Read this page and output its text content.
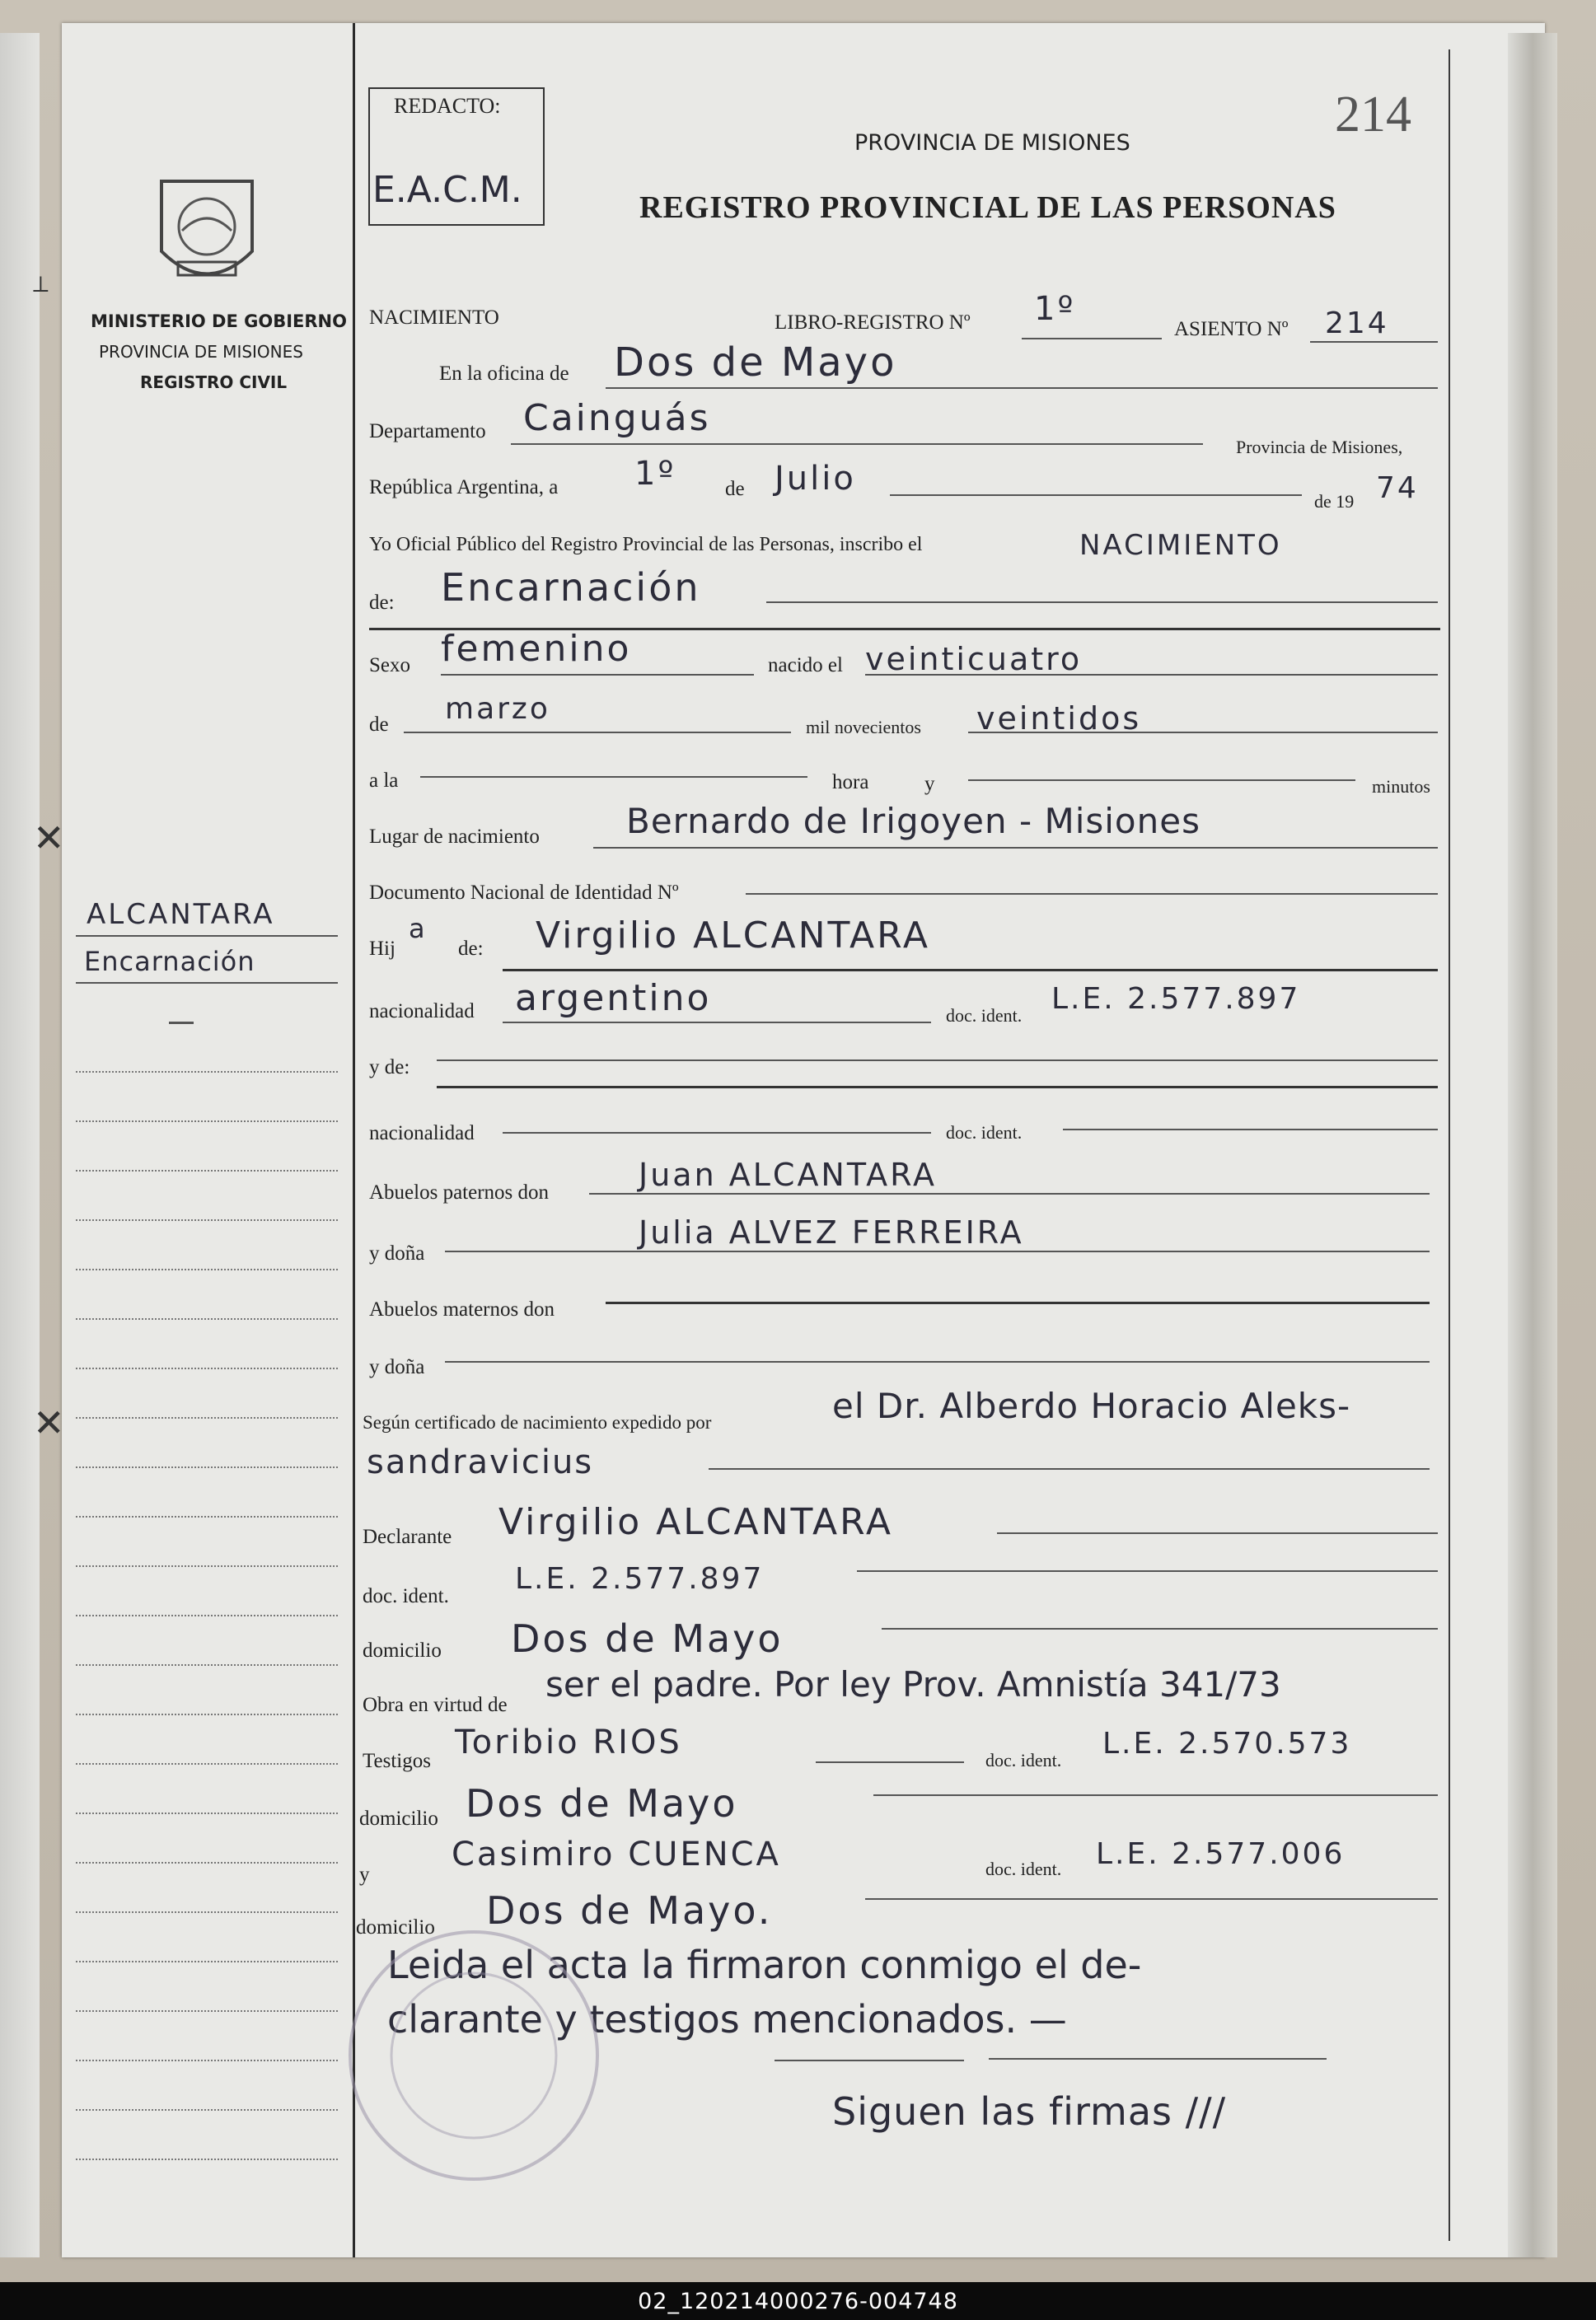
⟂
✕
✕
MINISTERIO DE GOBIERNO
PROVINCIA DE MISIONES
REGISTRO CIVIL
ALCANTARA
Encarnación
REDACTO:
E.A.C.M.
214
PROVINCIA DE MISIONES
REGISTRO PROVINCIAL DE LAS PERSONAS
NACIMIENTO	LIBRO-REGISTRO Nº 1º
ASIENTO Nº 214
En la oficina de Dos de Mayo
Departamento Cainguás
Provincia de Misiones,
República Argentina, a 1º de Julio
de 19 74
Yo Oficial Público del Registro Provincial de las Personas, inscribo el	NACIMIENTO
de: Encarnación
Sexo femenino	nacido el veinticuatro
de marzo
mil novecientos veintidos
a la	hora	y	minutos
Lugar de nacimiento	Bernardo de Irigoyen - Misiones
Documento Nacional de Identidad Nº
Hij
a
de: Virgilio ALCANTARA
nacionalidad argentino	doc. ident. L.E. 2.577.897
y de:
nacionalidad	doc. ident.
Abuelos paternos don	Juan ALCANTARA
y doña
Julia ALVEZ FERREIRA
Abuelos maternos don
y doña
Según certificado de nacimiento expedido por	el Dr. Alberdo Horacio Aleks-
sandravicius
Declarante Virgilio ALCANTARA
doc. ident.
L.E. 2.577.897
domicilio Dos de Mayo
Obra en virtud de
ser el padre. Por ley Prov. Amnistía 341/73
Testigos Toribio RIOS	doc. ident. L.E. 2.570.573
domicilio Dos de Mayo
y
Casimiro CUENCA	doc. ident. L.E. 2.577.006
domicilio Dos de Mayo.
Leida el acta la firmaron conmigo el de-
clarante y testigos mencionados. —
Siguen las firmas ///
02_120214000276-004748
